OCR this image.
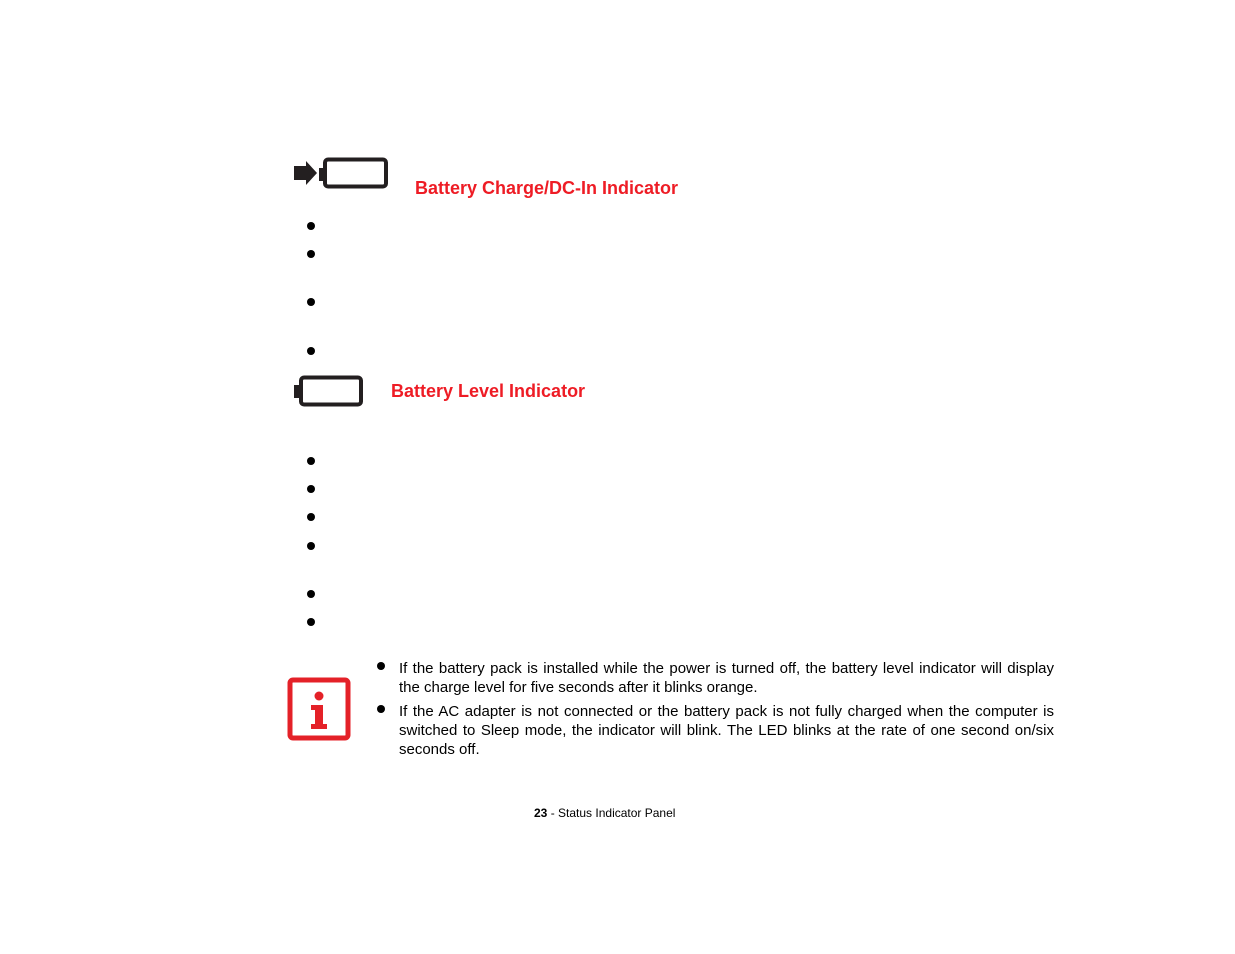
Battery Charge/DC-In Indicator
Battery Level Indicator
If the battery pack is installed while the power is turned off, the battery level indicator will display the charge level for five seconds after it blinks orange.
If the AC adapter is not connected or the battery pack is not fully charged when the computer is switched to Sleep mode, the indicator will blink. The LED blinks at the rate of one second on/six seconds off.
23 - Status Indicator Panel
